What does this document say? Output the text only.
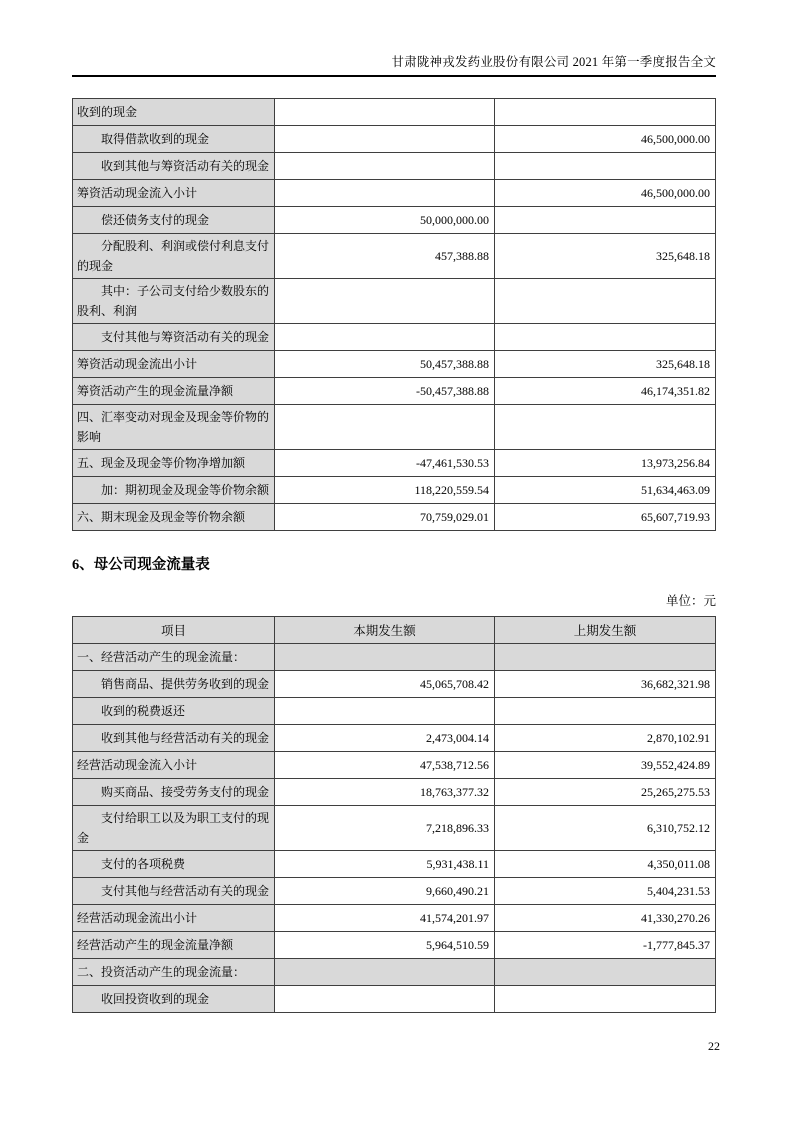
甘肃陇神戎发药业股份有限公司 2021 年第一季度报告全文
收到的现金		
取得借款收到的现金		46,500,000.00
收到其他与筹资活动有关的现金		
筹资活动现金流入小计		46,500,000.00
偿还债务支付的现金	50,000,000.00	
分配股利、利润或偿付利息支付的现金	457,388.88	325,648.18
其中：子公司支付给少数股东的股利、利润		
支付其他与筹资活动有关的现金		
筹资活动现金流出小计	50,457,388.88	325,648.18
筹资活动产生的现金流量净额	-50,457,388.88	46,174,351.82
四、汇率变动对现金及现金等价物的影响		
五、现金及现金等价物净增加额	-47,461,530.53	13,973,256.84
加：期初现金及现金等价物余额	118,220,559.54	51,634,463.09
六、期末现金及现金等价物余额	70,759,029.01	65,607,719.93
6、母公司现金流量表
单位：元
项目	本期发生额	上期发生额
一、经营活动产生的现金流量：		
销售商品、提供劳务收到的现金	45,065,708.42	36,682,321.98
收到的税费返还		
收到其他与经营活动有关的现金	2,473,004.14	2,870,102.91
经营活动现金流入小计	47,538,712.56	39,552,424.89
购买商品、接受劳务支付的现金	18,763,377.32	25,265,275.53
支付给职工以及为职工支付的现金	7,218,896.33	6,310,752.12
支付的各项税费	5,931,438.11	4,350,011.08
支付其他与经营活动有关的现金	9,660,490.21	5,404,231.53
经营活动现金流出小计	41,574,201.97	41,330,270.26
经营活动产生的现金流量净额	5,964,510.59	-1,777,845.37
二、投资活动产生的现金流量：		
收回投资收到的现金		
22
